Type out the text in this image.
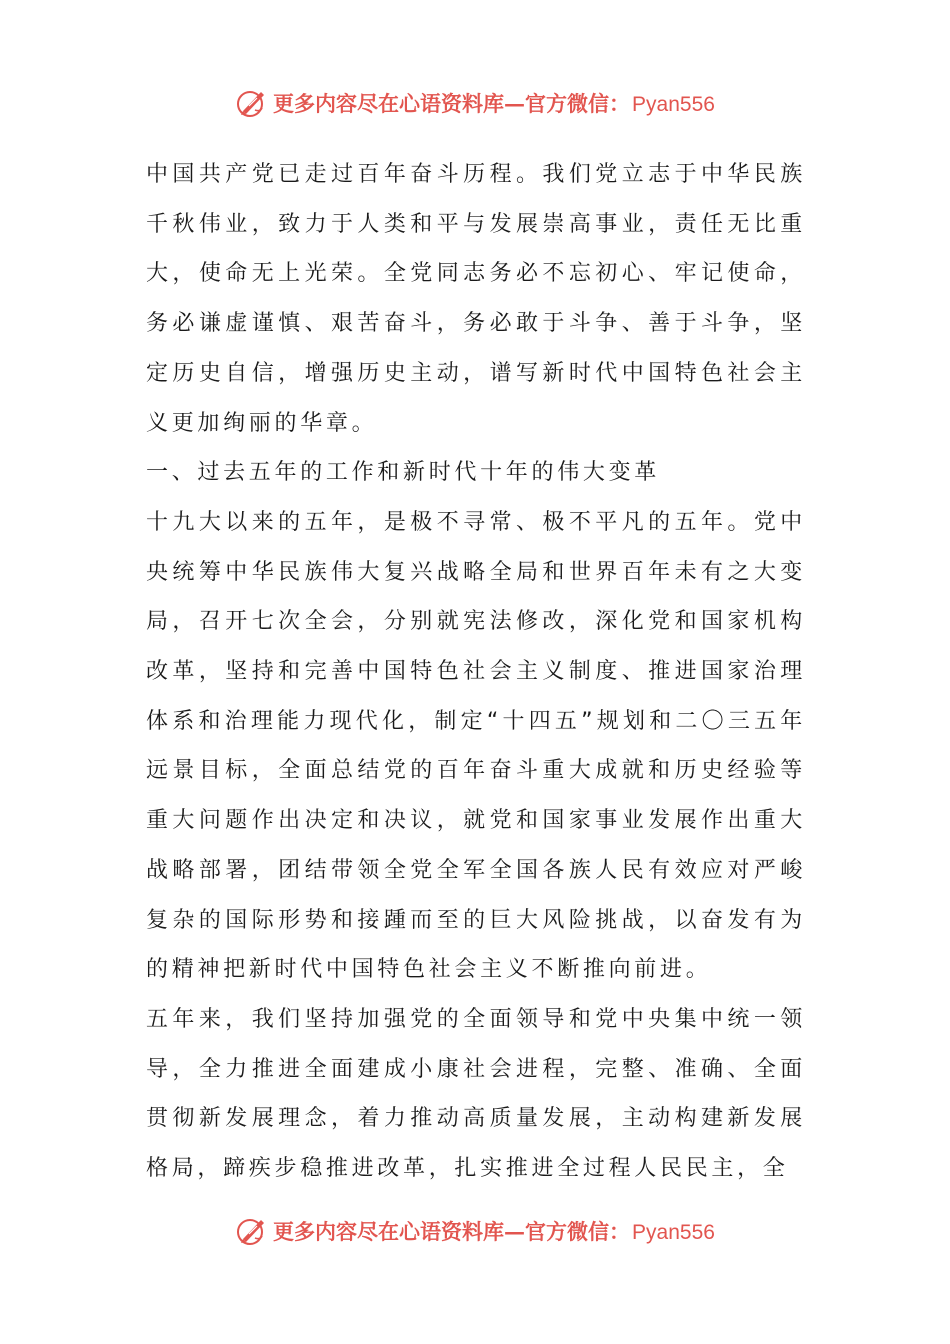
更多内容尽在心语资料库—官方微信：Pyan556

中国共产党已走过百年奋斗历程。我们党立志于中华民族千秋伟业，致力于人类和平与发展崇高事业，责任无比重大，使命无上光荣。全党同志务必不忘初心、牢记使命，务必谦虚谨慎、艰苦奋斗，务必敢于斗争、善于斗争，坚定历史自信，增强历史主动，谱写新时代中国特色社会主义更加绚丽的华章。

一、过去五年的工作和新时代十年的伟大变革

十九大以来的五年，是极不寻常、极不平凡的五年。党中央统筹中华民族伟大复兴战略全局和世界百年未有之大变局，召开七次全会，分别就宪法修改，深化党和国家机构改革，坚持和完善中国特色社会主义制度、推进国家治理体系和治理能力现代化，制定“十四五”规划和二〇三五年远景目标，全面总结党的百年奋斗重大成就和历史经验等重大问题作出决定和决议，就党和国家事业发展作出重大战略部署，团结带领全党全军全国各族人民有效应对严峻复杂的国际形势和接踵而至的巨大风险挑战，以奋发有为的精神把新时代中国特色社会主义不断推向前进。

五年来，我们坚持加强党的全面领导和党中央集中统一领导，全力推进全面建成小康社会进程，完整、准确、全面贯彻新发展理念，着力推动高质量发展，主动构建新发展格局，蹄疾步稳推进改革，扎实推进全过程人民民主，全

更多内容尽在心语资料库—官方微信：Pyan556
